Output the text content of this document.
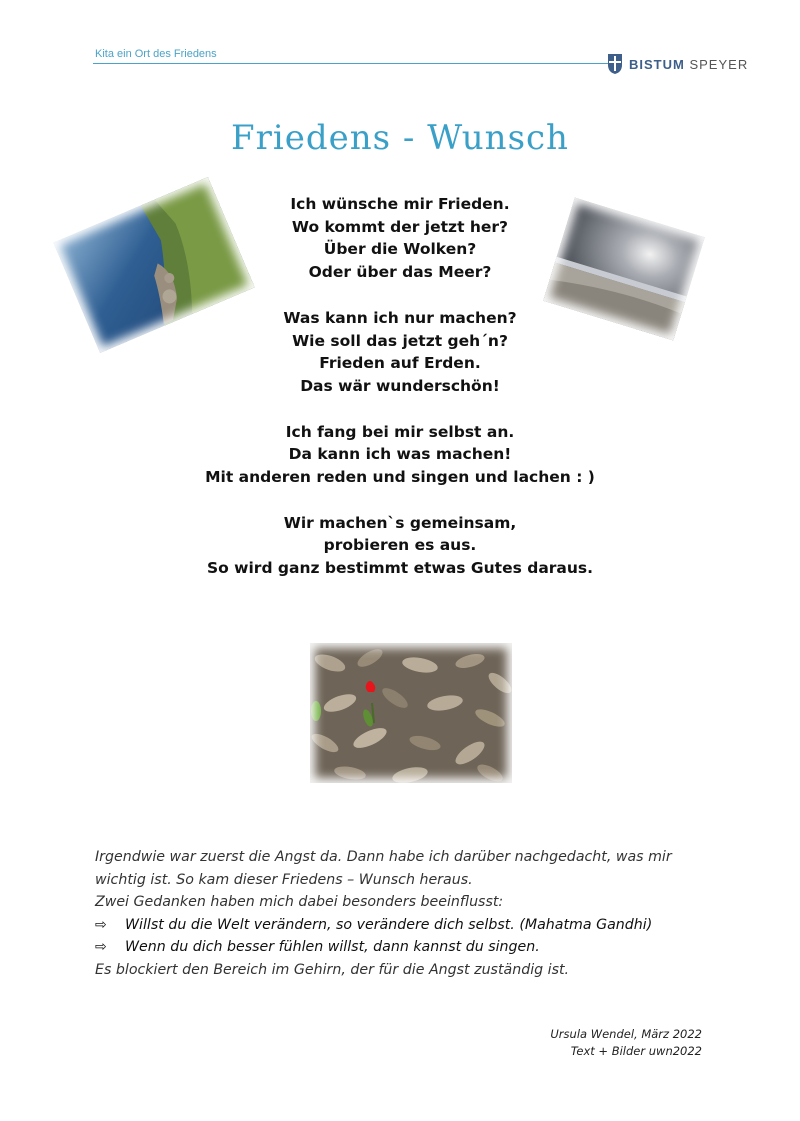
Kita ein Ort des Friedens
BISTUM SPEYER
Friedens - Wunsch
Ich wünsche mir Frieden.
Wo kommt der jetzt her?
Über die Wolken?
Oder über das Meer?
Was kann ich nur machen?
Wie soll das jetzt geh´n?
Frieden auf Erden.
Das wär wunderschön!
Ich fang bei mir selbst an.
Da kann ich was machen!
Mit anderen reden und singen und lachen : )
Wir machen`s gemeinsam,
probieren es aus.
So wird ganz bestimmt etwas Gutes daraus.
Irgendwie war zuerst die Angst da. Dann habe ich darüber nachgedacht, was mir
wichtig ist. So kam dieser Friedens – Wunsch heraus.
Zwei Gedanken haben mich dabei besonders beeinflusst:
⇨	Willst du die Welt verändern, so verändere dich selbst. (Mahatma Gandhi)
⇨	Wenn du dich besser fühlen willst, dann kannst du singen.
Es blockiert den Bereich im Gehirn, der für die Angst zuständig ist.
Ursula Wendel, März 2022
Text + Bilder uwn2022
